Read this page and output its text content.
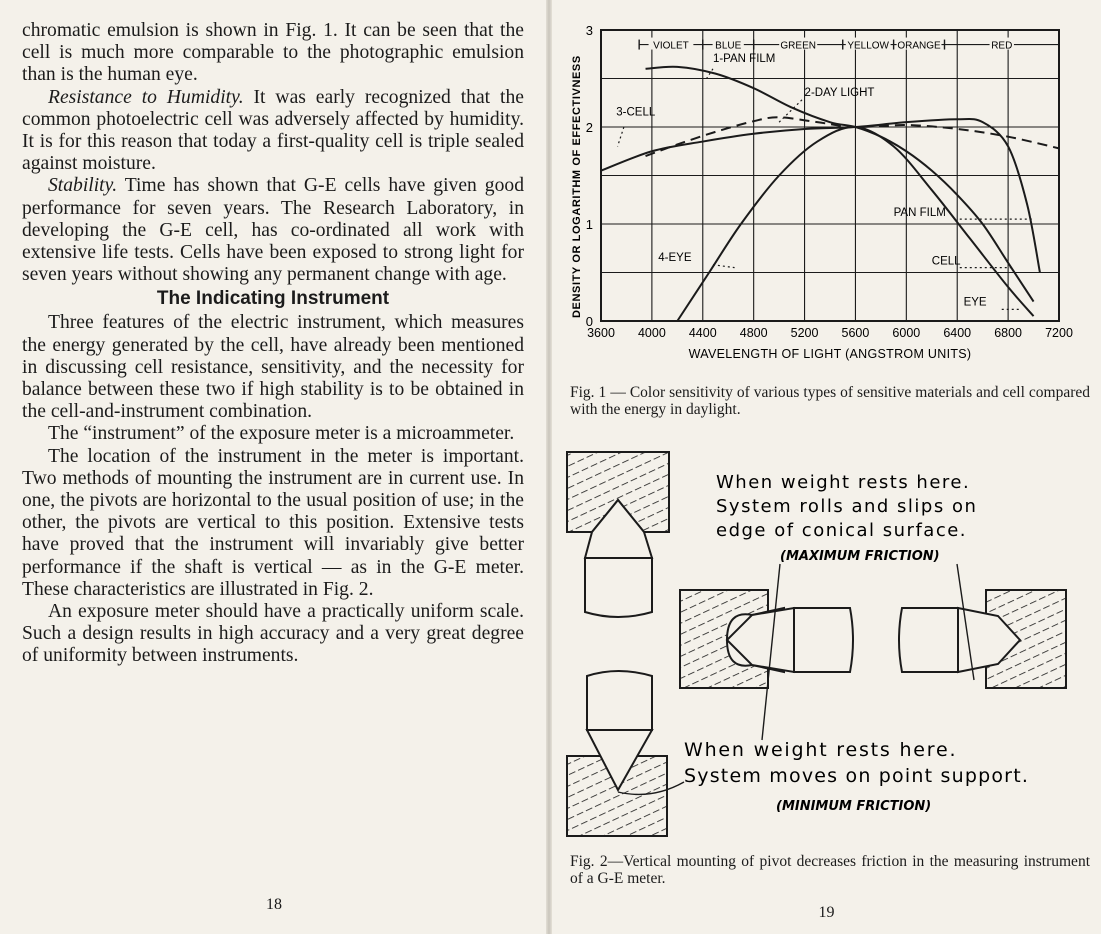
chromatic emulsion is shown in Fig. 1. It can be seen that the cell is much more comparable to the photographic emulsion than is the human eye.

Resistance to Humidity. It was early recognized that the common photoelectric cell was adversely affected by humidity. It is for this reason that today a first-quality cell is triple sealed against moisture.

Stability. Time has shown that G-E cells have given good performance for seven years. The Research Laboratory, in developing the G-E cell, has co-ordinated all work with extensive life tests. Cells have been exposed to strong light for seven years without showing any permanent change with age.

The Indicating Instrument

Three features of the electric instrument, which measures the energy generated by the cell, have already been mentioned in discussing cell resistance, sensitivity, and the necessity for balance between these two if high stability is to be obtained in the cell-and-instrument combination.

The “instrument” of the exposure meter is a microammeter.

The location of the instrument in the meter is important. Two methods of mounting the instrument are in current use. In one, the pivots are horizontal to the usual position of use; in the other, the pivots are vertical to this position. Extensive tests have proved that the instrument will invariably give better performance if the shaft is vertical — as in the G-E meter. These characteristics are illustrated in Fig. 2.

An exposure meter should have a practically uniform scale. Such a design results in high accuracy and a very great degree of uniformity between instruments.

18
VIOLET	BLUE	GREEN	YELLOW ORANGE	RED
3600 4000 4400 4800 5200 5600 6000 6400 6800 7200
0
1
2
3
DENSITY OR LOGARITHM OF EFFECTIVNESS
WAVELENGTH OF LIGHT (ANGSTROM UNITS)
1-PAN FILM
2-DAY LIGHT
3-CELL
4-EYE
PAN FILM
CELL
EYE
Fig. 1 — Color sensitivity of various types of sensitive materials and cell compared with the energy in daylight.
When weight rests here.
System rolls and slips on
edge of conical surface.
(MAXIMUM FRICTION)
When weight rests here.
System moves on point support.
(MINIMUM FRICTION)
Fig. 2—Vertical mounting of pivot decreases friction in the measuring instrument of a G-E meter.
19
